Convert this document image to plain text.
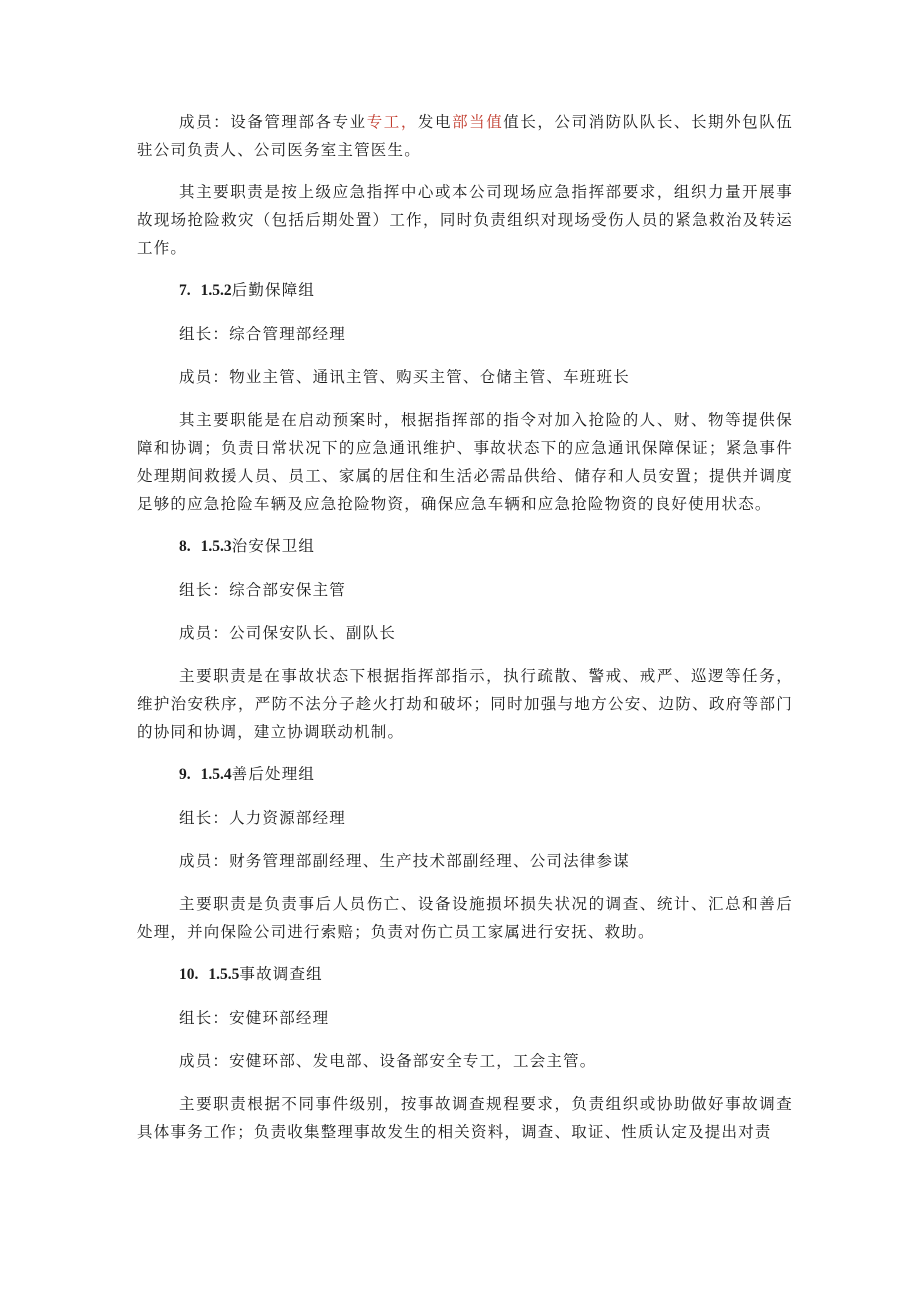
成员：设备管理部各专业专工，发电部当值值长，公司消防队队长、长期外包队伍驻公司负责人、公司医务室主管医生。

其主要职责是按上级应急指挥中心或本公司现场应急指挥部要求，组织力量开展事故现场抢险救灾（包括后期处置）工作，同时负责组织对现场受伤人员的紧急救治及转运工作。

7. 1.5.2后勤保障组

组长：综合管理部经理

成员：物业主管、通讯主管、购买主管、仓储主管、车班班长

其主要职能是在启动预案时，根据指挥部的指令对加入抢险的人、财、物等提供保障和协调；负责日常状况下的应急通讯维护、事故状态下的应急通讯保障保证；紧急事件处理期间救援人员、员工、家属的居住和生活必需品供给、储存和人员安置；提供并调度足够的应急抢险车辆及应急抢险物资，确保应急车辆和应急抢险物资的良好使用状态。

8. 1.5.3治安保卫组

组长：综合部安保主管

成员：公司保安队长、副队长

主要职责是在事故状态下根据指挥部指示，执行疏散、警戒、戒严、巡逻等任务，维护治安秩序，严防不法分子趁火打劫和破坏；同时加强与地方公安、边防、政府等部门的协同和协调，建立协调联动机制。

9. 1.5.4善后处理组

组长：人力资源部经理

成员：财务管理部副经理、生产技术部副经理、公司法律参谋

主要职责是负责事后人员伤亡、设备设施损坏损失状况的调查、统计、汇总和善后处理，并向保险公司进行索赔；负责对伤亡员工家属进行安抚、救助。

10. 1.5.5事故调查组

组长：安健环部经理

成员：安健环部、发电部、设备部安全专工，工会主管。

主要职责根据不同事件级别，按事故调查规程要求，负责组织或协助做好事故调查具体事务工作；负责收集整理事故发生的相关资料，调查、取证、性质认定及提出对责
